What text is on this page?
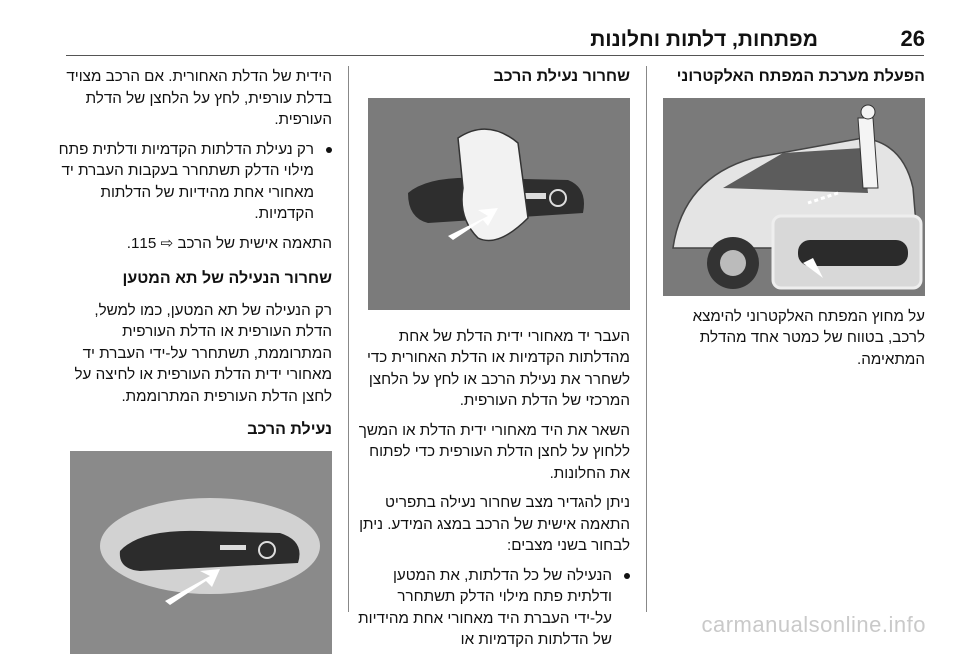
מפתחות, דלתות וחלונות	26
הפעלת מערכת המפתח האלקטרוני

על מחוץ המפתח האלקטרוני להימצא לרכב, בטווח של כמטר אחד מהדלת המתאימה.

שחרור נעילת הרכב

העבר יד מאחורי ידית הדלת של אחת מהדלתות הקדמיות או הדלת האחורית כדי לשחרר את נעילת הרכב או לחץ על הלחצן המרכזי של הדלת העורפית.

השאר את היד מאחורי ידית הדלת או המשך ללחוץ על לחצן הדלת העורפית כדי לפתוח את החלונות.

ניתן להגדיר מצב שחרור נעילה בתפריט התאמה אישית של הרכב במצג המידע. ניתן לבחור בשני מצבים:

הנעילה של כל הדלתות, את המטען ודלתית פתח מילוי הדלק תשתחרר על-ידי העברת היד מאחורי אחת מהידיות של הדלתות הקדמיות או

הידית של הדלת האחורית. אם הרכב מצויד בדלת עורפית, לחץ על הלחצן של הדלת העורפית.

רק נעילת הדלתות הקדמיות ודלתית פתח מילוי הדלק תשתחרר בעקבות העברת יד מאחורי אחת מהידיות של הדלתות הקדמיות.

התאמה אישית של הרכב ⇨ 115.

שחרור הנעילה של תא המטען

רק הנעילה של תא המטען, כמו למשל, הדלת העורפית או הדלת העורפית המתרוממת, תשתחרר על-ידי העברת יד מאחורי ידית הדלת העורפית או לחיצה על לחצן הדלת העורפית המתרוממת.

נעילת הרכב
carmanualsonline.info
